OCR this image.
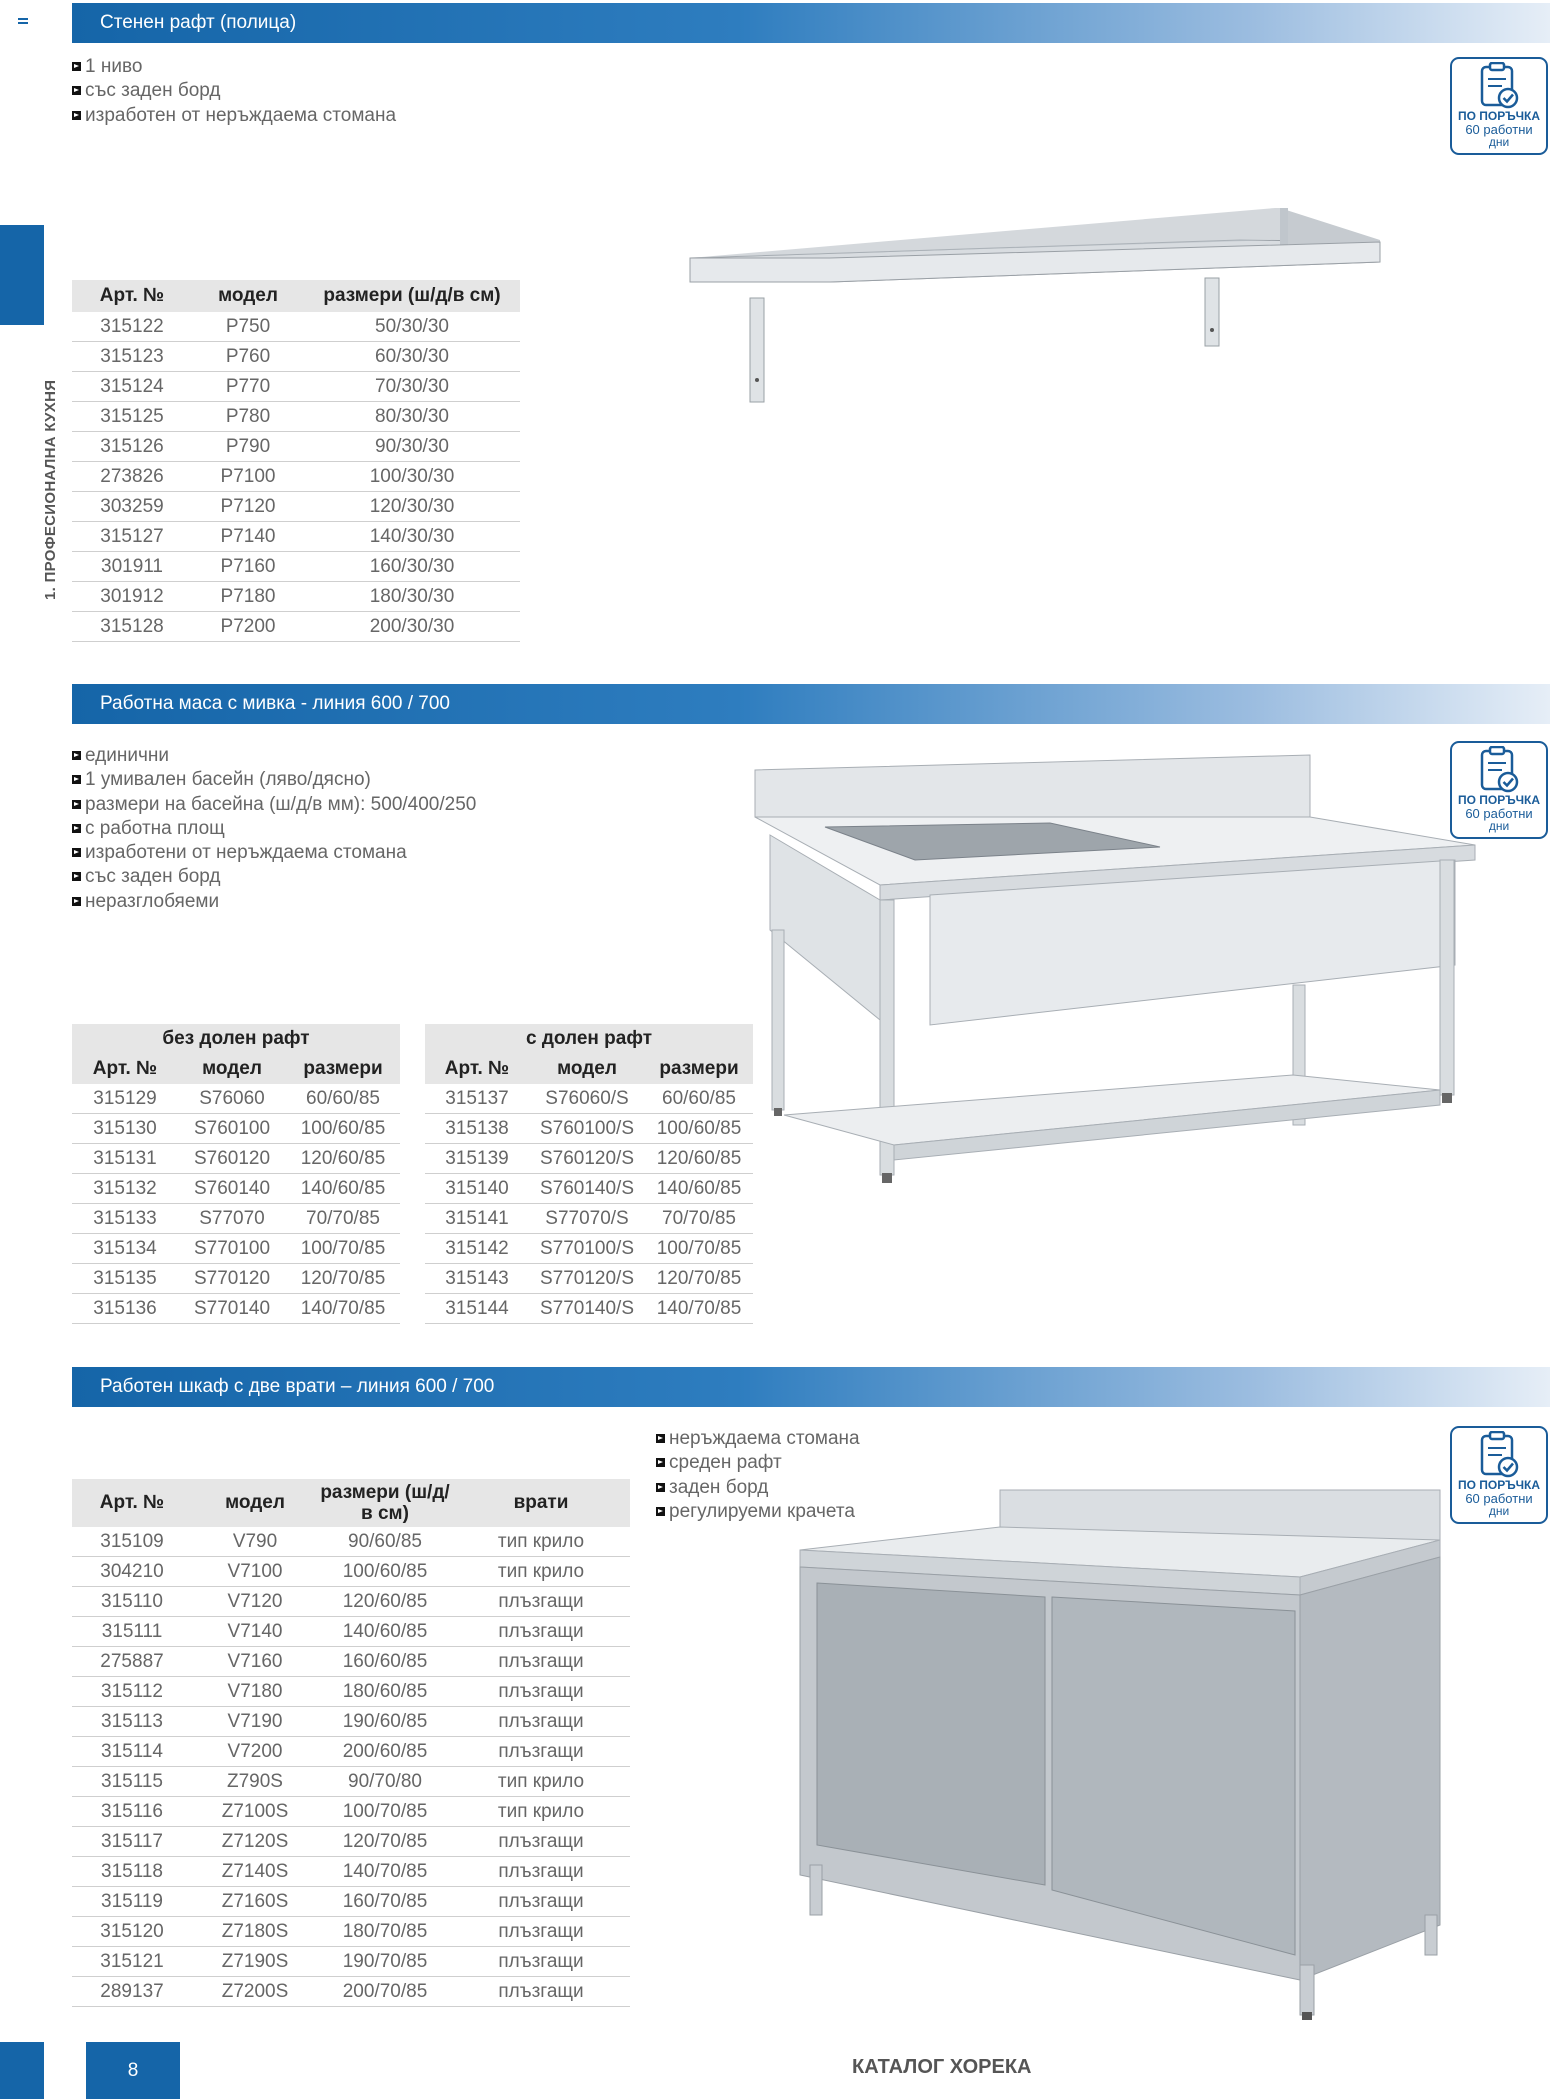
Стенен рафт (полица)
1 ниво
със заден борд
изработен от неръждаема стомана	ПО ПОРЪЧКА
60 работни
дни
1. ПРОФЕСИОНАЛНА КУХНЯ
Арт. №	модел	размери (ш/д/в см)
315122	P750	50/30/30
315123	P760	60/30/30
315124	P770	70/30/30
315125	P780	80/30/30
315126	P790	90/30/30
273826	P7100	100/30/30
303259	P7120	120/30/30
315127	P7140	140/30/30
301911	P7160	160/30/30
301912	P7180	180/30/30
315128	P7200	200/30/30
Работна маса с мивка - линия 600 / 700
единични
1 умивален басейн (ляво/дясно)
размери на басейна (ш/д/в мм): 500/400/250
с работна площ
изработени от неръждаема стомана
със заден борд
неразглобяеми
ПО ПОРЪЧКА
60 работни
дни
без долен рафт		
Арт. №	модел	размери
315129	S76060	60/60/85
315130	S760100	100/60/85
315131	S760120	120/60/85
315132	S760140	140/60/85
315133	S77070	70/70/85
315134	S770100	100/70/85
315135	S770120	120/70/85
315136	S770140	140/70/85
с долен рафт		
Арт. №	модел	размери
315137	S76060/S	60/60/85
315138	S760100/S	100/60/85
315139	S760120/S	120/60/85
315140	S760140/S	140/60/85
315141	S77070/S	70/70/85
315142	S770100/S	100/70/85
315143	S770120/S	120/70/85
315144	S770140/S	140/70/85
Работен шкаф с две врати – линия 600 / 700
неръждаема стомана
среден рафт
заден борд
регулируеми крачета
ПО ПОРЪЧКА
60 работни
дни
Арт. №	модел	размери (ш/д/в см)	врати
315109	V790	90/60/85	тип крило
304210	V7100	100/60/85	тип крило
315110	V7120	120/60/85	плъзгащи
315111	V7140	140/60/85	плъзгащи
275887	V7160	160/60/85	плъзгащи
315112	V7180	180/60/85	плъзгащи
315113	V7190	190/60/85	плъзгащи
315114	V7200	200/60/85	плъзгащи
315115	Z790S	90/70/80	тип крило
315116	Z7100S	100/70/85	тип крило
315117	Z7120S	120/70/85	плъзгащи
315118	Z7140S	140/70/85	плъзгащи
315119	Z7160S	160/70/85	плъзгащи
315120	Z7180S	180/70/85	плъзгащи
315121	Z7190S	190/70/85	плъзгащи
289137	Z7200S	200/70/85	плъзгащи
8	КАТАЛОГ ХОРЕКА
